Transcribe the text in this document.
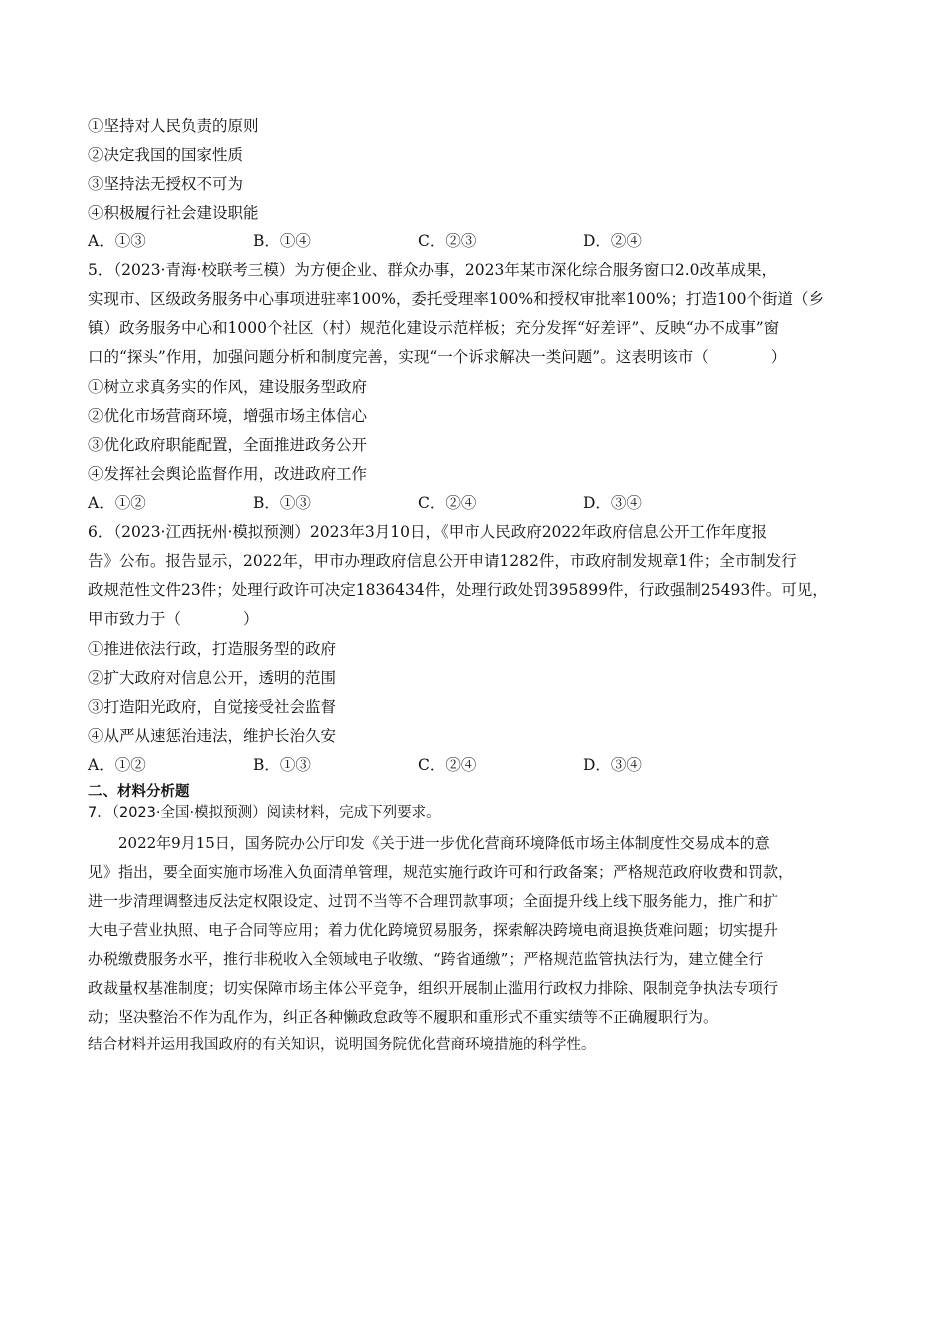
①坚持对人民负责的原则
②决定我国的国家性质
③坚持法无授权不可为
④积极履行社会建设职能
A．①③	B．①④	C．②③	D．②④
5．（2023·青海·校联考三模）为方便企业、群众办事，2023年某市深化综合服务窗口2.0改革成果，
实现市、区级政务服务中心事项进驻率100%，委托受理率100%和授权审批率100%；打造100个街道（乡
镇）政务服务中心和1000个社区（村）规范化建设示范样板；充分发挥“好差评”、反映“办不成事”窗
口的“探头”作用，加强问题分析和制度完善，实现“一个诉求解决一类问题”。这表明该市（　　　　）
①树立求真务实的作风，建设服务型政府
②优化市场营商环境，增强市场主体信心
③优化政府职能配置，全面推进政务公开
④发挥社会舆论监督作用，改进政府工作
A．①②	B．①③	C．②④	D．③④
6．（2023·江西抚州·模拟预测）2023年3月10日，《甲市人民政府2022年政府信息公开工作年度报
告》公布。报告显示，2022年，甲市办理政府信息公开申请1282件，市政府制发规章1件；全市制发行
政规范性文件23件；处理行政许可决定1836434件，处理行政处罚395899件，行政强制25493件。可见，
甲市致力于（　　　　）
①推进依法行政，打造服务型的政府
②扩大政府对信息公开，透明的范围
③打造阳光政府，自觉接受社会监督
④从严从速惩治违法，维护长治久安
A．①②	B．①③	C．②④	D．③④
二、材料分析题
7．（2023·全国·模拟预测）阅读材料，完成下列要求。
　　2022年9月15日，国务院办公厅印发《关于进一步优化营商环境降低市场主体制度性交易成本的意
见》指出，要全面实施市场准入负面清单管理，规范实施行政许可和行政备案；严格规范政府收费和罚款，
进一步清理调整违反法定权限设定、过罚不当等不合理罚款事项；全面提升线上线下服务能力，推广和扩
大电子营业执照、电子合同等应用；着力优化跨境贸易服务，探索解决跨境电商退换货难问题；切实提升
办税缴费服务水平，推行非税收入全领域电子收缴、“跨省通缴”；严格规范监管执法行为，建立健全行
政裁量权基准制度；切实保障市场主体公平竞争，组织开展制止滥用行政权力排除、限制竞争执法专项行
动；坚决整治不作为乱作为，纠正各种懒政怠政等不履职和重形式不重实绩等不正确履职行为。
结合材料并运用我国政府的有关知识，说明国务院优化营商环境措施的科学性。
